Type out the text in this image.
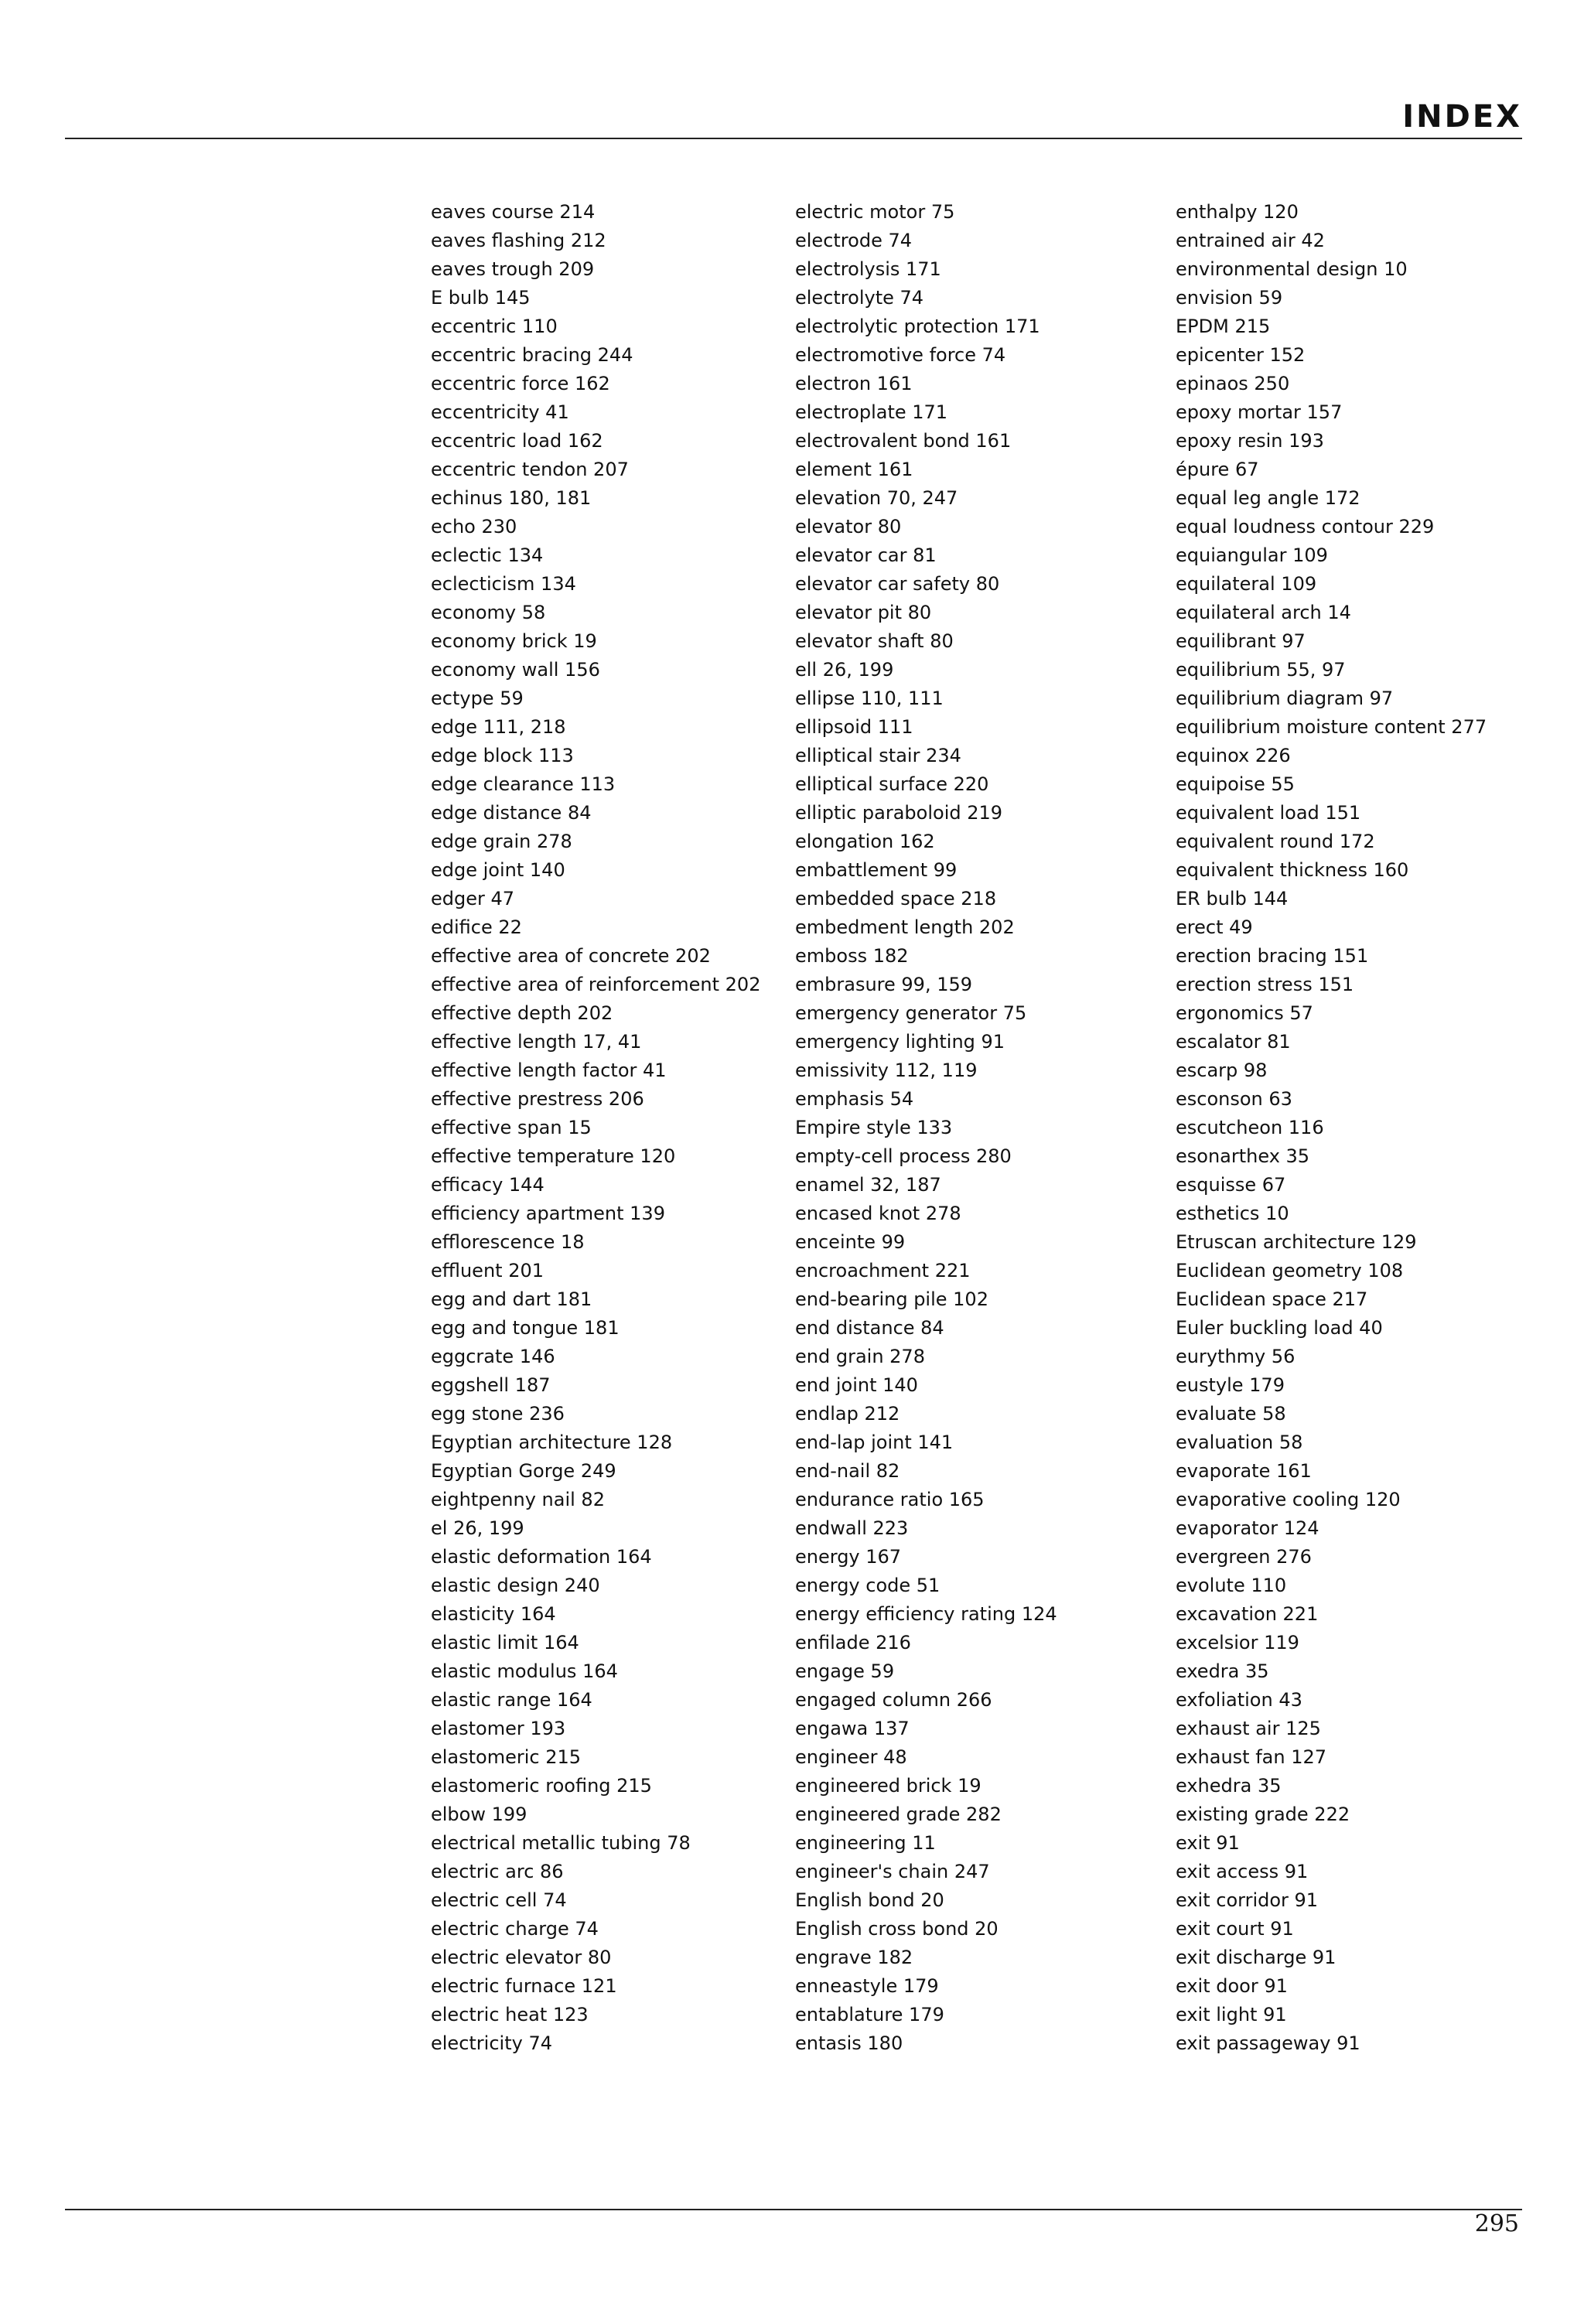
INDEX
eaves course 214
eaves flashing 212
eaves trough 209
E bulb 145
eccentric 110
eccentric bracing 244
eccentric force 162
eccentricity 41
eccentric load 162
eccentric tendon 207
echinus 180, 181
echo 230
eclectic 134
eclecticism 134
economy 58
economy brick 19
economy wall 156
ectype 59
edge 111, 218
edge block 113
edge clearance 113
edge distance 84
edge grain 278
edge joint 140
edger 47
edifice 22
effective area of concrete 202
effective area of reinforcement 202
effective depth 202
effective length 17, 41
effective length factor 41
effective prestress 206
effective span 15
effective temperature 120
efficacy 144
efficiency apartment 139
efflorescence 18
effluent 201
egg and dart 181
egg and tongue 181
eggcrate 146
eggshell 187
egg stone 236
Egyptian architecture 128
Egyptian Gorge 249
eightpenny nail 82
el 26, 199
elastic deformation 164
elastic design 240
elasticity 164
elastic limit 164
elastic modulus 164
elastic range 164
elastomer 193
elastomeric 215
elastomeric roofing 215
elbow 199
electrical metallic tubing 78
electric arc 86
electric cell 74
electric charge 74
electric elevator 80
electric furnace 121
electric heat 123
electricity 74
electric motor 75
electrode 74
electrolysis 171
electrolyte 74
electrolytic protection 171
electromotive force 74
electron 161
electroplate 171
electrovalent bond 161
element 161
elevation 70, 247
elevator 80
elevator car 81
elevator car safety 80
elevator pit 80
elevator shaft 80
ell 26, 199
ellipse 110, 111
ellipsoid 111
elliptical stair 234
elliptical surface 220
elliptic paraboloid 219
elongation 162
embattlement 99
embedded space 218
embedment length 202
emboss 182
embrasure 99, 159
emergency generator 75
emergency lighting 91
emissivity 112, 119
emphasis 54
Empire style 133
empty-cell process 280
enamel 32, 187
encased knot 278
enceinte 99
encroachment 221
end-bearing pile 102
end distance 84
end grain 278
end joint 140
endlap 212
end-lap joint 141
end-nail 82
endurance ratio 165
endwall 223
energy 167
energy code 51
energy efficiency rating 124
enfilade 216
engage 59
engaged column 266
engawa 137
engineer 48
engineered brick 19
engineered grade 282
engineering 11
engineer's chain 247
English bond 20
English cross bond 20
engrave 182
enneastyle 179
entablature 179
entasis 180
enthalpy 120
entrained air 42
environmental design 10
envision 59
EPDM 215
epicenter 152
epinaos 250
epoxy mortar 157
epoxy resin 193
épure 67
equal leg angle 172
equal loudness contour 229
equiangular 109
equilateral 109
equilateral arch 14
equilibrant 97
equilibrium 55, 97
equilibrium diagram 97
equilibrium moisture content 277
equinox 226
equipoise 55
equivalent load 151
equivalent round 172
equivalent thickness 160
ER bulb 144
erect 49
erection bracing 151
erection stress 151
ergonomics 57
escalator 81
escarp 98
esconson 63
escutcheon 116
esonarthex 35
esquisse 67
esthetics 10
Etruscan architecture 129
Euclidean geometry 108
Euclidean space 217
Euler buckling load 40
eurythmy 56
eustyle 179
evaluate 58
evaluation 58
evaporate 161
evaporative cooling 120
evaporator 124
evergreen 276
evolute 110
excavation 221
excelsior 119
exedra 35
exfoliation 43
exhaust air 125
exhaust fan 127
exhedra 35
existing grade 222
exit 91
exit access 91
exit corridor 91
exit court 91
exit discharge 91
exit door 91
exit light 91
exit passageway 91
295
